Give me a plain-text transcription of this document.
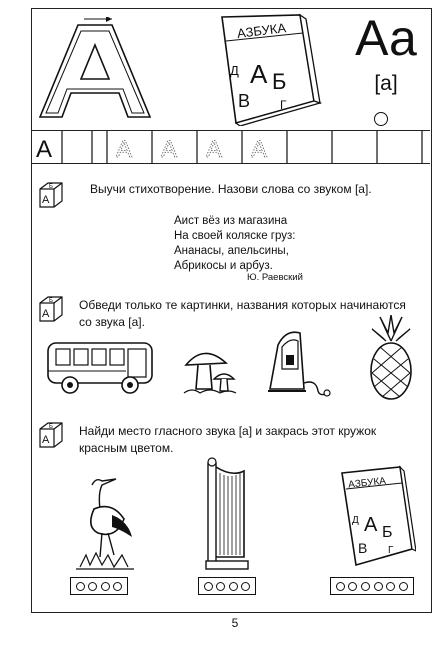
A
АЗБУКА
Д А Б
В Г
Аа
[а]
А	А А А А
А
Б	Выучи стихотворение. Назови слова со звуком [а].
Аист вёз из магазина
На своей коляске груз:
Ананасы, апельсины,
Абрикосы и арбуз.
Ю. Раевский
А
Б Обведи только те картинки, названия которых начинаются
со звука [а].
А
Б Найди место гласного звука [а] и закрась этот кружок
красным цветом.
АЗБУКА
Д А Б
В Г
5
